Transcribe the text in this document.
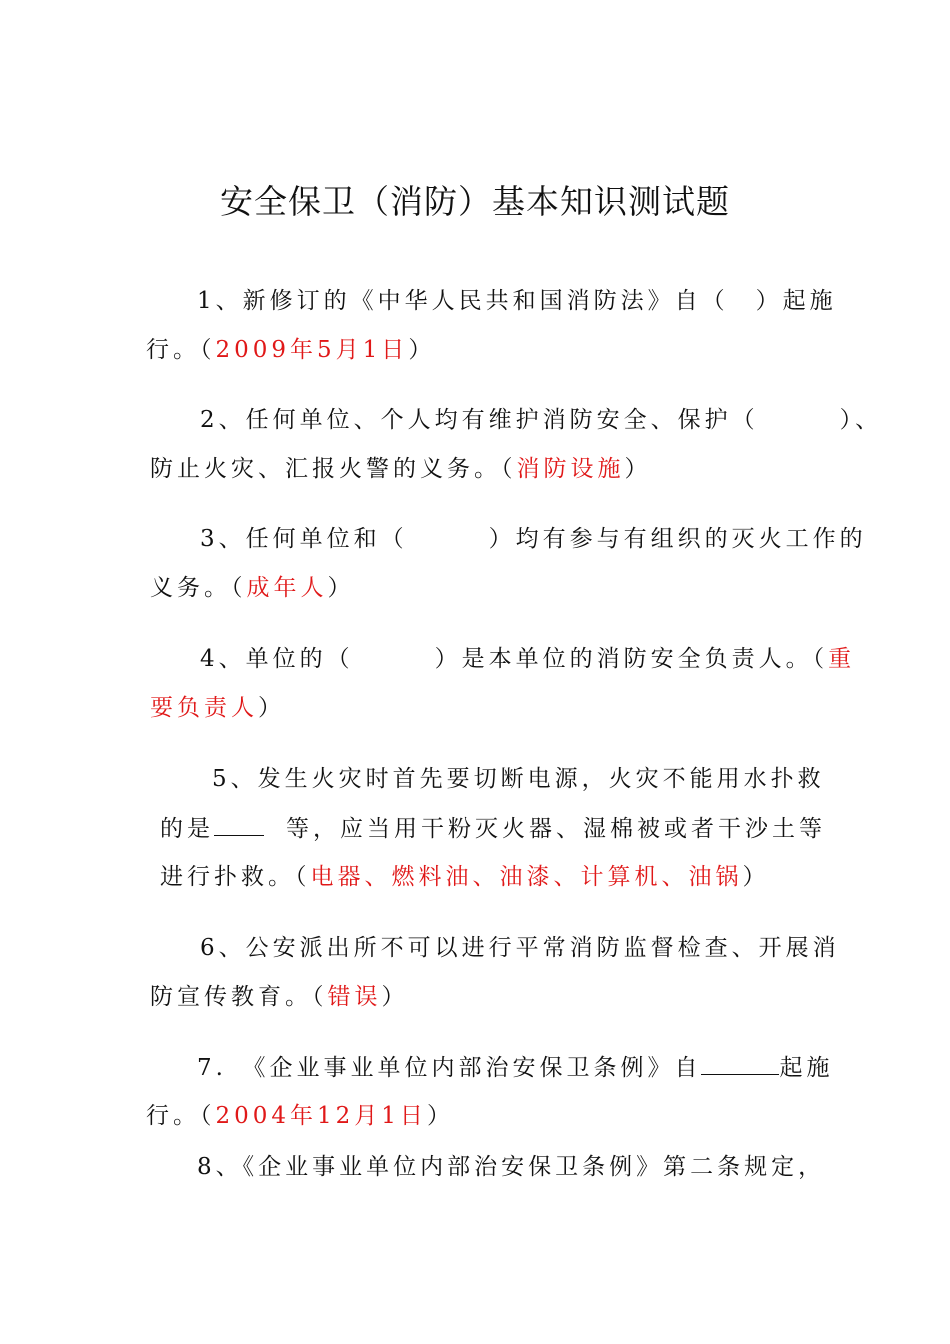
安全保卫（消防）基本知识测试题
1、新修订的《中华人民共和国消防法》自（　）起施
行。（2009年5月1日）
2、任何单位、个人均有维护消防安全、保护（　　　）、
防止火灾、汇报火警的义务。（消防设施）
3、任何单位和（　　　）均有参与有组织的灭火工作的
义务。（成年人）
4、单位的（　　　）是本单位的消防安全负责人。（重
要负责人）
5、发生火灾时首先要切断电源，火灾不能用水扑救
的是	等，应当用干粉灭火器、湿棉被或者干沙土等
进行扑救。（电器、燃料油、油漆、计算机、油锅）
6、公安派出所不可以进行平常消防监督检查、开展消
防宣传教育。（错误）
7.　《企业事业单位内部治安保卫条例》自	起施
行。（2004年12月1日）
8、《企业事业单位内部治安保卫条例》第二条规定，
